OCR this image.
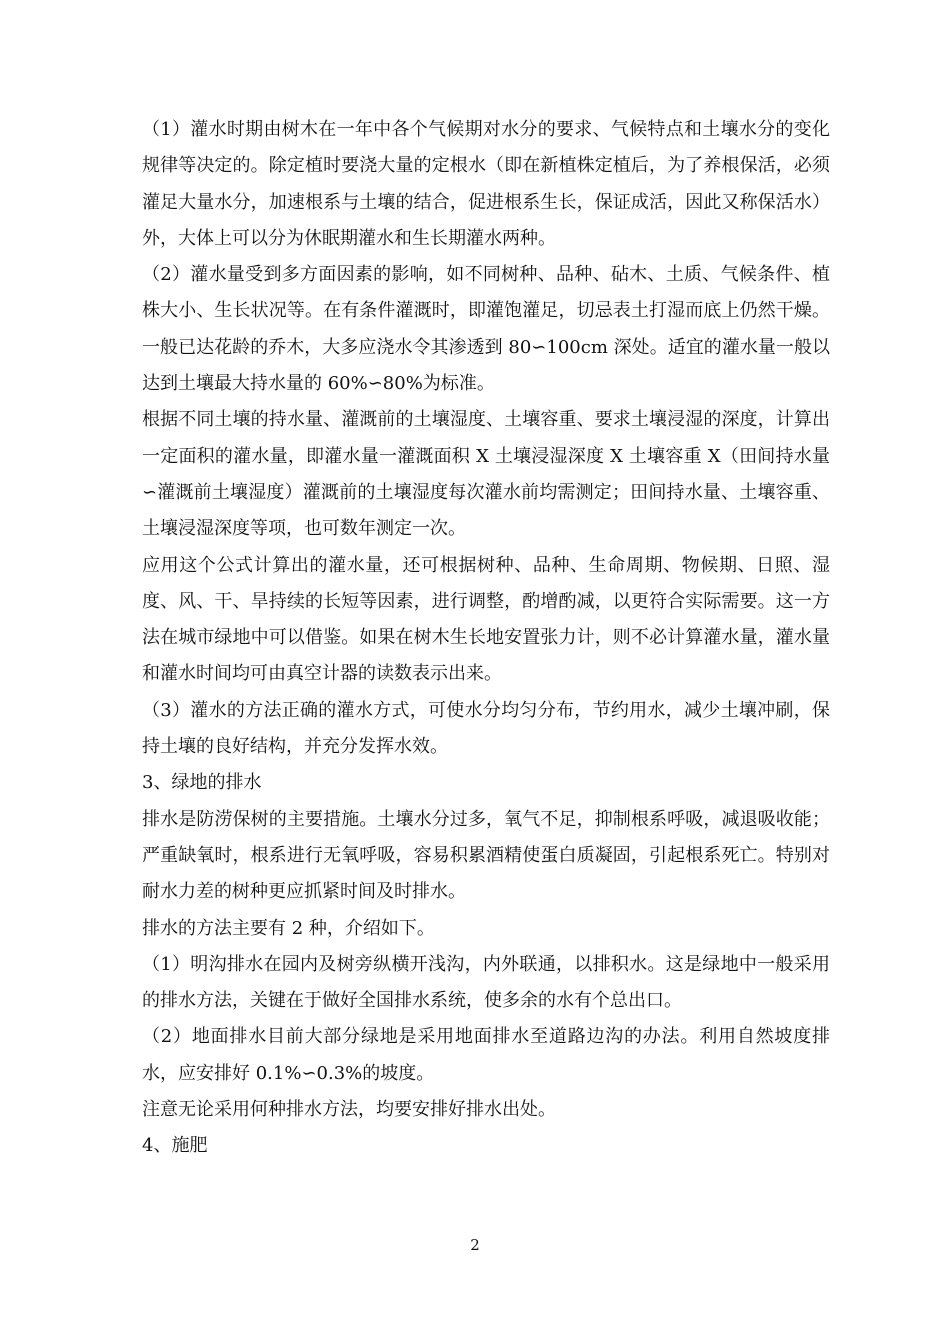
（1）灌水时期由树木在一年中各个气候期对水分的要求、气候特点和土壤水分的变化规律等决定的。除定植时要浇大量的定根水（即在新植株定植后，为了养根保活，必须灌足大量水分，加速根系与土壤的结合，促进根系生长，保证成活，因此又称保活水）外，大体上可以分为休眠期灌水和生长期灌水两种。

（2）灌水量受到多方面因素的影响，如不同树种、品种、砧木、土质、气候条件、植株大小、生长状况等。在有条件灌溉时，即灌饱灌足，切忌表土打湿而底上仍然干燥。一般已达花龄的乔木，大多应浇水令其渗透到 80∽100cm 深处。适宜的灌水量一般以达到土壤最大持水量的 60%∽80%为标准。

根据不同土壤的持水量、灌溉前的土壤湿度、土壤容重、要求土壤浸湿的深度，计算出一定面积的灌水量，即灌水量一灌溉面积 X 土壤浸湿深度 X 土壤容重 X（田间持水量∽灌溉前土壤湿度）灌溉前的土壤湿度每次灌水前均需测定；田间持水量、土壤容重、土壤浸湿深度等项，也可数年测定一次。

应用这个公式计算出的灌水量，还可根据树种、品种、生命周期、物候期、日照、湿度、风、干、旱持续的长短等因素，进行调整，酌增酌减，以更符合实际需要。这一方法在城市绿地中可以借鉴。如果在树木生长地安置张力计，则不必计算灌水量，灌水量和灌水时间均可由真空计器的读数表示出来。

（3）灌水的方法正确的灌水方式，可使水分均匀分布，节约用水，减少土壤冲刷，保持土壤的良好结构，并充分发挥水效。

3、绿地的排水

排水是防涝保树的主要措施。土壤水分过多，氧气不足，抑制根系呼吸，减退吸收能；严重缺氧时，根系进行无氧呼吸，容易积累酒精使蛋白质凝固，引起根系死亡。特别对耐水力差的树种更应抓紧时间及时排水。

排水的方法主要有 2 种，介绍如下。

（1）明沟排水在园内及树旁纵横开浅沟，内外联通，以排积水。这是绿地中一般采用的排水方法，关键在于做好全国排水系统，使多余的水有个总出口。

（2）地面排水目前大部分绿地是采用地面排水至道路边沟的办法。利用自然坡度排水，应安排好 0.1%∽0.3%的坡度。

注意无论采用何种排水方法，均要安排好排水出处。

4、施肥

2
